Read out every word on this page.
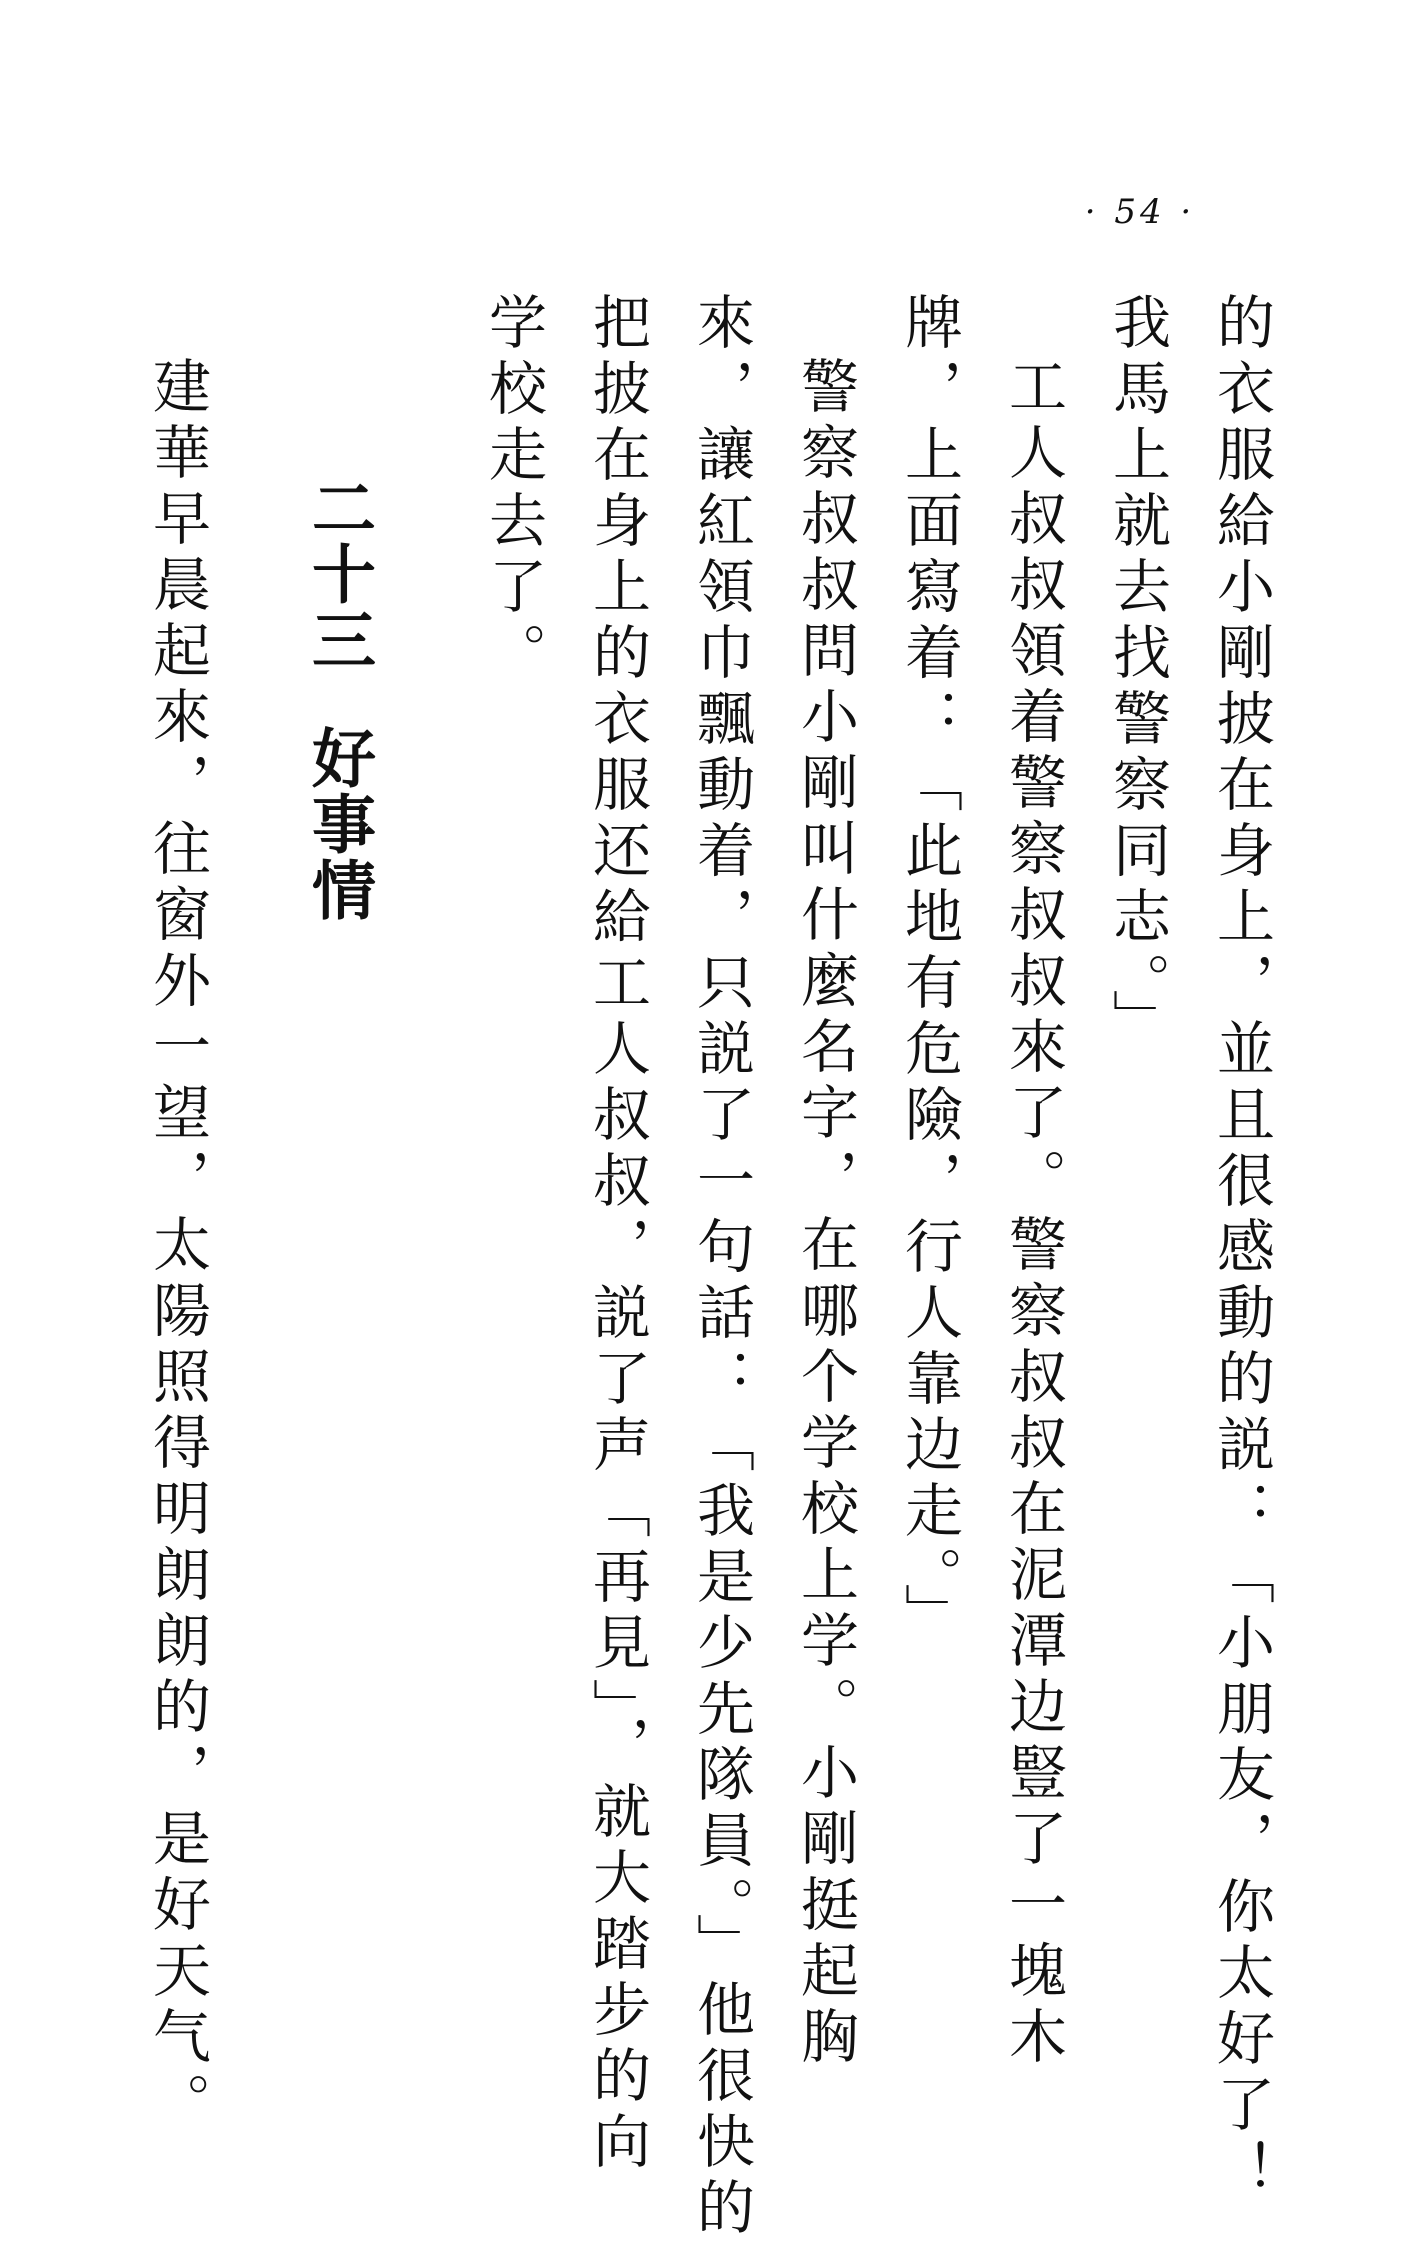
· 54 ·
的衣服給小剛披在身上，並且很感動的説：「小朋友，你太好了！
我馬上就去找警察同志。」
工人叔叔領着警察叔叔來了。警察叔叔在泥潭边豎了一塊木
牌，上面寫着：「此地有危險，行人靠边走。」
警察叔叔問小剛叫什麼名字，在哪个学校上学。小剛挺起胸
來，讓紅領巾飄動着，只説了一句話：「我是少先隊員。」他很快的
把披在身上的衣服还給工人叔叔，説了声「再見」，就大踏步的向
学校走去了。
二十三
好事情
建華早晨起來，往窗外一望，太陽照得明朗朗的，是好天气。
